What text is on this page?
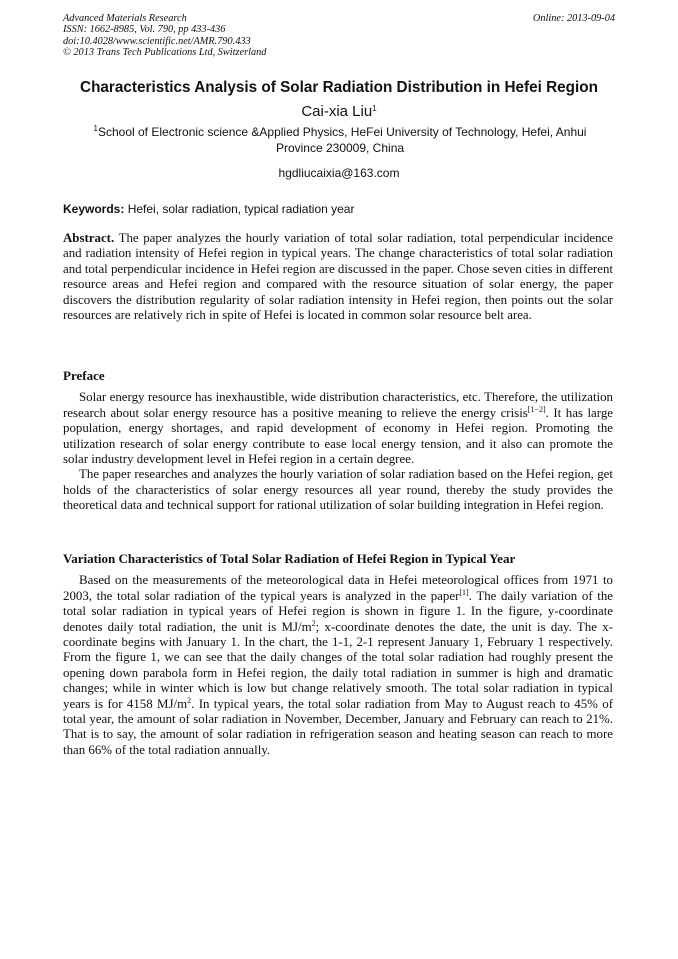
Advanced Materials Research
ISSN: 1662-8985, Vol. 790, pp 433-436
doi:10.4028/www.scientific.net/AMR.790.433
© 2013 Trans Tech Publications Ltd, Switzerland
Online: 2013-09-04
Characteristics Analysis of Solar Radiation Distribution in Hefei Region
Cai-xia Liu$^1$
$^1$School of Electronic science &Applied Physics, HeFei University of Technology, Hefei, Anhui
Province 230009, China
hgdliucaixia@163.com
Keywords: Hefei, solar radiation, typical radiation year

Abstract. The paper analyzes the hourly variation of total solar radiation, total perpendicular incidence and radiation intensity of Hefei region in typical years. The change characteristics of total solar radiation and total perpendicular incidence in Hefei region are discussed in the paper. Chose seven cities in different resource areas and Hefei region and compared with the resource situation of solar energy, the paper discovers the distribution regularity of solar radiation intensity in Hefei region, then points out the solar resources are relatively rich in spite of Hefei is located in common solar resource belt area.

Preface

Solar energy resource has inexhaustible, wide distribution characteristics, etc. Therefore, the utilization research about solar energy resource has a positive meaning to relieve the energy crisis[1−2]. It has large population, energy shortages, and rapid development of economy in Hefei region. Promoting the utilization research of solar energy contribute to ease local energy tension, and it also can promote the solar industry development level in Hefei region in a certain degree.

The paper researches and analyzes the hourly variation of solar radiation based on the Hefei region, get holds of the characteristics of solar energy resources all year round, thereby the study provides the theoretical data and technical support for rational utilization of solar building integration in Hefei region.

Variation Characteristics of Total Solar Radiation of Hefei Region in Typical Year

Based on the measurements of the meteorological data in Hefei meteorological offices from 1971 to 2003, the total solar radiation of the typical years is analyzed in the paper[1]. The daily variation of the total solar radiation in typical years of Hefei region is shown in figure 1. In the figure, y-coordinate denotes daily total radiation, the unit is $MJ/m^2$; x-coordinate denotes the date, the unit is day. The x-coordinate begins with January 1. In the chart, the 1-1, 2-1 represent January 1, February 1 respectively. From the figure 1, we can see that the daily changes of the total solar radiation had roughly present the opening down parabola form in Hefei region, the daily total radiation in summer is high and dramatic changes; while in winter which is low but change relatively smooth. The total solar radiation in typical years is for 4158 $MJ/m^2$. In typical years, the total solar radiation from May to August reach to 45% of total year, the amount of solar radiation in November, December, January and February can reach to 21%. That is to say, the amount of solar radiation in refrigeration season and heating season can reach to more than 66% of the total radiation annually.
